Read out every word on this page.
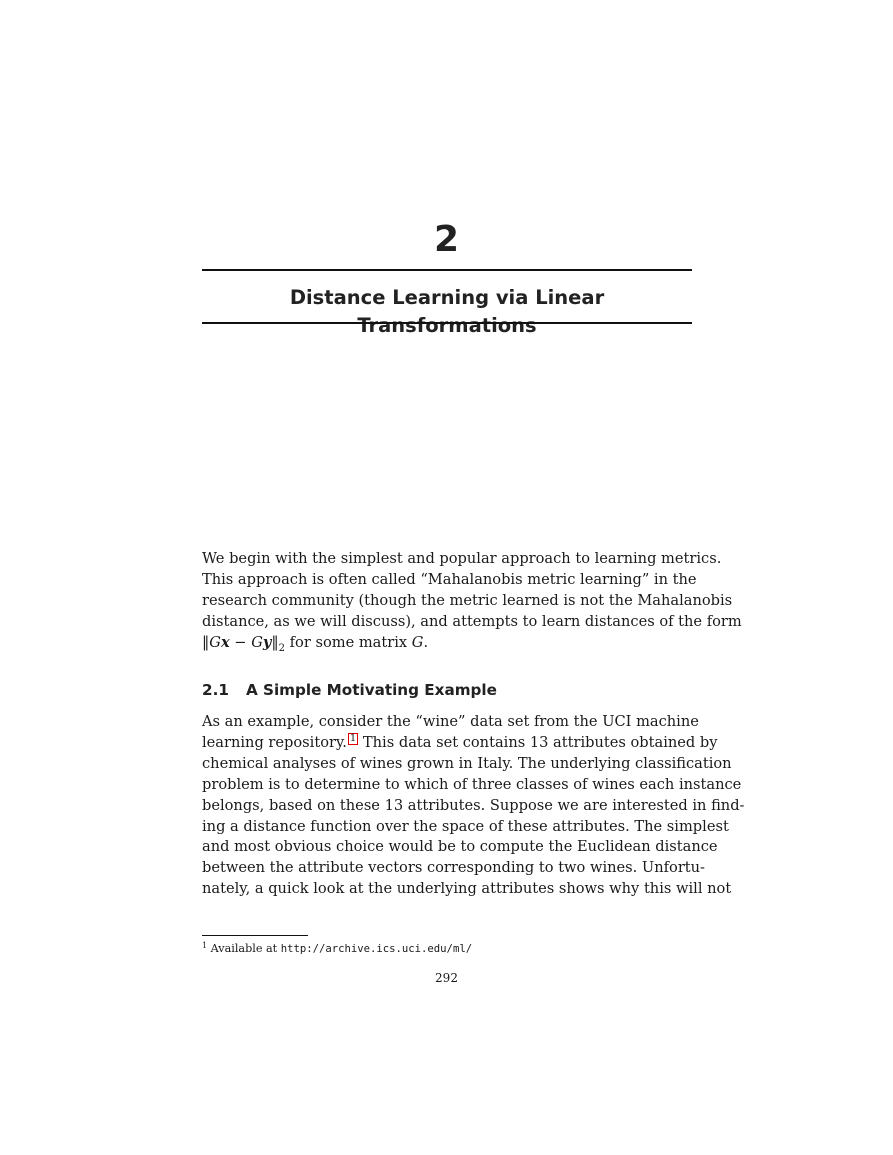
2
Distance Learning via Linear Transformations
We begin with the simplest and popular approach to learning metrics.
This approach is often called “Mahalanobis metric learning” in the
research community (though the metric learned is not the Mahalanobis
distance, as we will discuss), and attempts to learn distances of the form
‖Gx − $Gy‖_2$ for some matrix G.
2.1 A Simple Motivating Example
As an example, consider the “wine” data set from the UCI machine
learning repository. 1 This data set contains 13 attributes obtained by
chemical analyses of wines grown in Italy. The underlying classification
problem is to determine to which of three classes of wines each instance
belongs, based on these 13 attributes. Suppose we are interested in find-
ing a distance function over the space of these attributes. The simplest
and most obvious choice would be to compute the Euclidean distance
between the attribute vectors corresponding to two wines. Unfortu-
nately, a quick look at the underlying attributes shows why this will not
$^1$ Available at http://archive.ics.uci.edu/ml/
292
